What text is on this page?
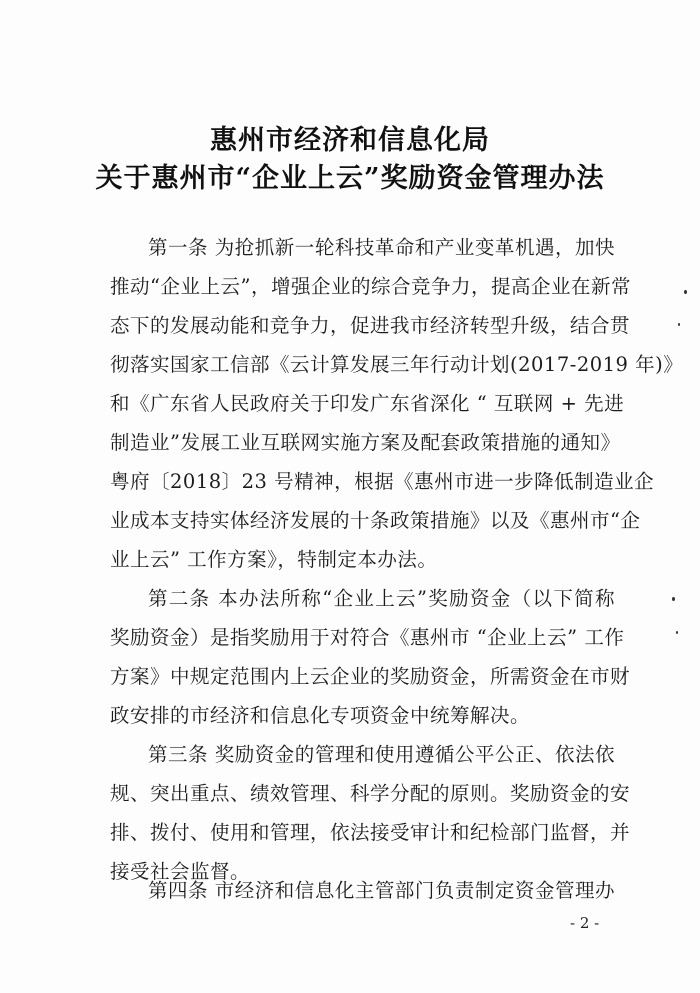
惠州市经济和信息化局
关于惠州市“企业上云”奖励资金管理办法
第一条 为抢抓新一轮科技革命和产业变革机遇，加快
推动“企业上云”，增强企业的综合竞争力，提高企业在新常
态下的发展动能和竞争力，促进我市经济转型升级，结合贯
彻落实国家工信部《云计算发展三年行动计划(2017-2019 年)》
和《广东省人民政府关于印发广东省深化 “ 互联网 + 先进
制造业”发展工业互联网实施方案及配套政策措施的通知》
粤府〔2018〕23 号精神，根据《惠州市进一步降低制造业企
业成本支持实体经济发展的十条政策措施》以及《惠州市“企
业上云” 工作方案》，特制定本办法。
第二条 本办法所称“企业上云”奖励资金（以下简称
奖励资金）是指奖励用于对符合《惠州市 “企业上云” 工作
方案》中规定范围内上云企业的奖励资金，所需资金在市财
政安排的市经济和信息化专项资金中统筹解决。
第三条 奖励资金的管理和使用遵循公平公正、依法依
规、突出重点、绩效管理、科学分配的原则。奖励资金的安
排、拨付、使用和管理，依法接受审计和纪检部门监督，并
接受社会监督。
第四条 市经济和信息化主管部门负责制定资金管理办
- 2 -
